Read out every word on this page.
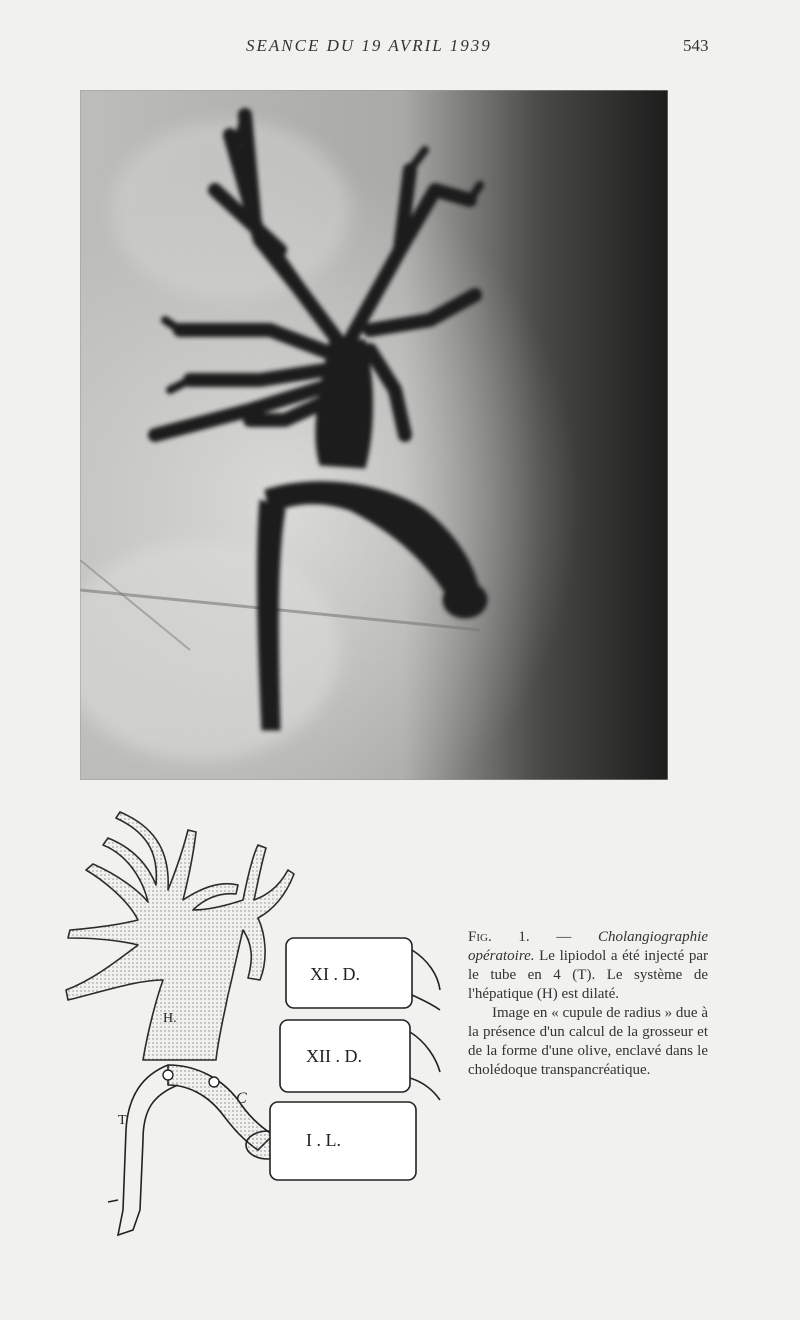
SEANCE DU 19 AVRIL 1939	543
H.
T
C
XI . D.
XII . D.
I . L.

Fig. 1. — Cholangiographie opératoire. Le lipiodol a été injecté par le tube en 4 (T). Le système de l'hépatique (H) est dilaté.

Image en « cupule de radius » due à la présence d'un calcul de la grosseur et de la forme d'une olive, enclavé dans le cholédoque transpancréatique.
